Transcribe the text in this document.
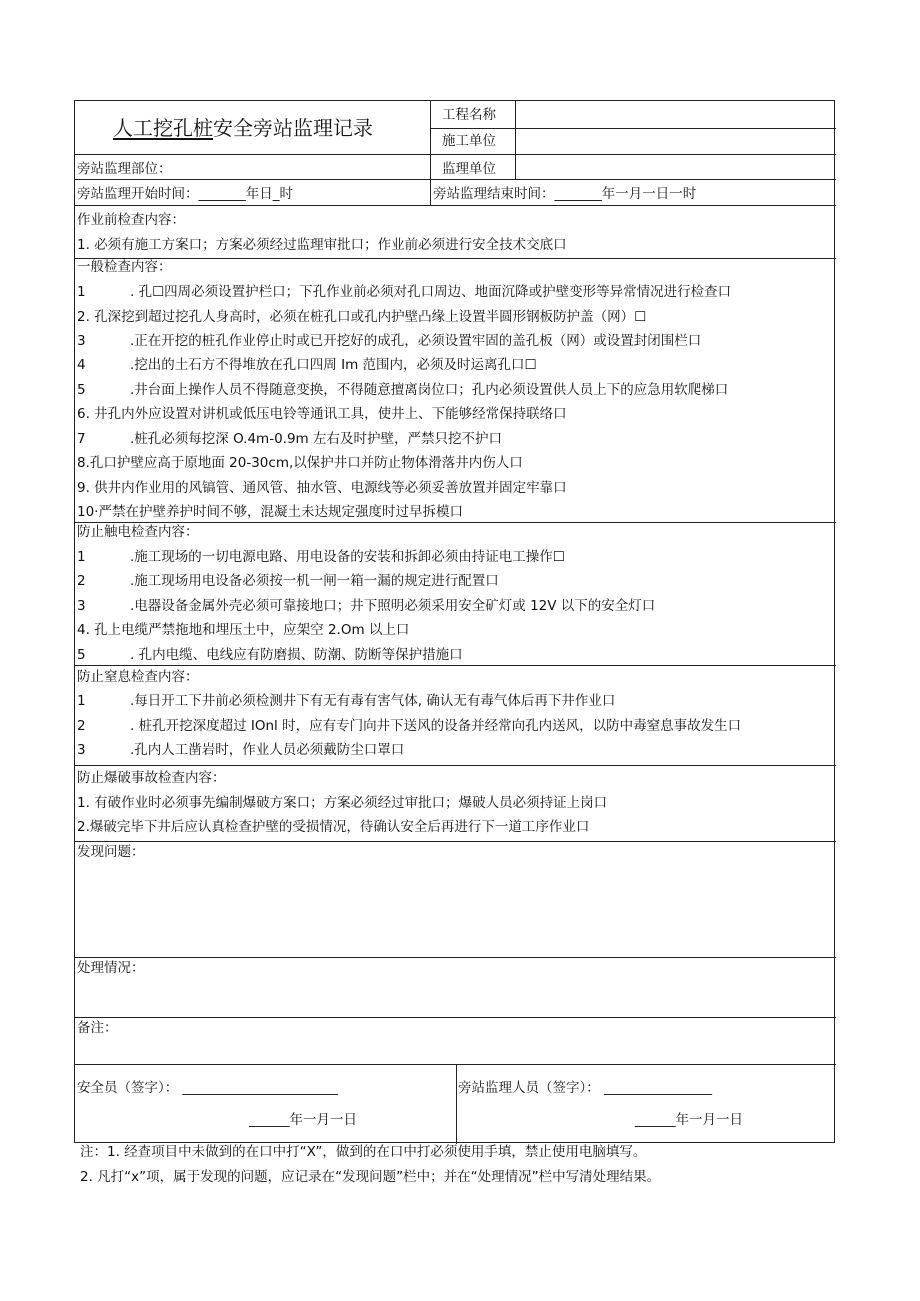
人工挖孔桩安全旁站监理记录
工程名称
施工单位
旁站监理部位：	监理单位
旁站监理开始时间：_______年日_时	旁站监理结束时间：_______年一月一日一时
作业前检查内容：
1. 必须有施工方案口；方案必须经过监理审批口；作业前必须进行安全技术交底口
一般检查内容：
1	. 孔☐四周必须设置护栏口；下孔作业前必须对孔口周边、地面沉降或护壁变形等异常情况进行检查口
2. 孔深挖到超过挖孔人身高时，必须在桩孔口或孔内护壁凸缘上设置半圆形钢板防护盖（网）☐
3	.正在开挖的桩孔作业停止时或已开挖好的成孔，必须设置牢固的盖孔板（网）或设置封闭围栏口
4	.挖出的土石方不得堆放在孔口四周 Im 范围内，必须及时运离孔口☐
5	.井台面上操作人员不得随意变换，不得随意擅离岗位口；孔内必须设置供人员上下的应急用软爬梯口
6. 井孔内外应设置对讲机或低压电铃等通讯工具，使井上、下能够经常保持联络口
7	.桩孔必须每挖深 O.4m-0.9m 左右及时护壁，严禁只挖不护口
8.孔口护壁应高于原地面 20-30cm,以保护井口并防止物体滑落井内伤人口
9. 供井内作业用的风镐管、通风管、抽水管、电源线等必须妥善放置并固定牢靠口
10·严禁在护壁养护时间不够，混凝土未达规定强度时过早拆模口
防止触电检查内容：
1	.施工现场的一切电源电路、用电设备的安装和拆卸必须由持证电工操作☐
2	.施工现场用电设备必须按一机一闸一箱一漏的规定进行配置口
3	.电器设备金属外壳必须可靠接地口；井下照明必须采用安全矿灯或 12V 以下的安全灯口
4. 孔上电缆严禁拖地和埋压土中，应架空 2.Om 以上口
5	. 孔内电缆、电线应有防磨损、防潮、防断等保护措施口
防止窒息检查内容：
1	.每日开工下井前必须检测井下有无有毒有害气体, 确认无有毒气体后再下井作业口
2	. 桩孔开挖深度超过 IOnl 时，应有专门向井下送风的设备并经常向孔内送风，以防中毒窒息事故发生口
3	.孔内人工凿岩时，作业人员必须戴防尘口罩口
防止爆破事故检查内容：
1. 有破作业时必须事先编制爆破方案口；方案必须经过审批口；爆破人员必须持证上岗口
2.爆破完毕下井后应认真检查护壁的受损情况，待确认安全后再进行下一道工序作业口
发现问题：
处理情况：
备注：
安全员（签字）： _______________________
______年一月一日
旁站监理人员（签字）： ________________
______年一月一日
注：1. 经查项目中未做到的在口中打“X”，做到的在口中打必须使用手填，禁止使用电脑填写。
2. 凡打“x”项，属于发现的问题，应记录在“发现问题”栏中；并在“处理情况”栏中写清处理结果。
